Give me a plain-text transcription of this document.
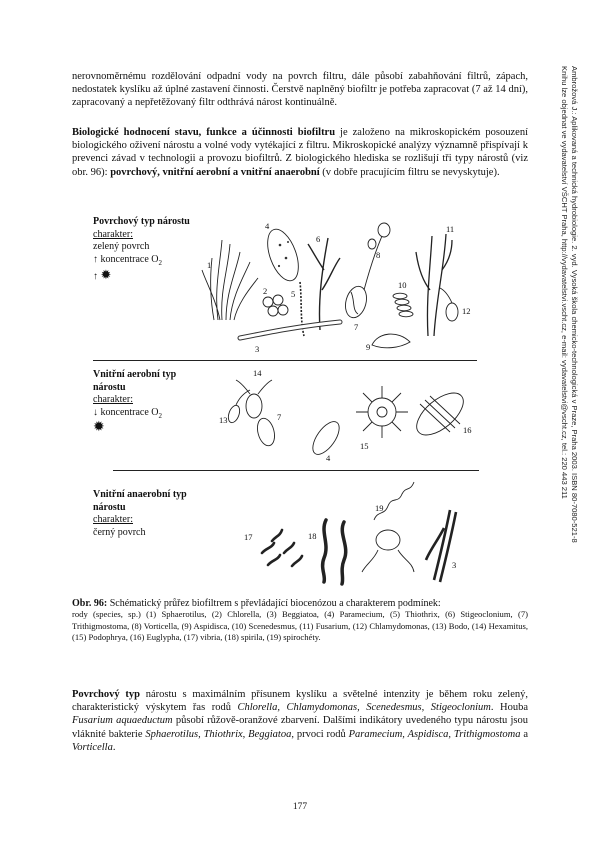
Ambrožová J.: Aplikovaná a technická hydrobiologie. 2. vyd. Vysoká škola chemicko-technologická v Praze, Praha 2003. ISBN 80-7080-521-8
Knihu lze objednat ve vydavatelství VŠCHT Praha, http://vydavatelstvi.vscht.cz, e-mail: vydavatelstvi@vscht.cz, tel.: 220 443 211
nerovnoměrnému rozdělování odpadní vody na povrch filtru, dále působí zabahňování filtrů, zápach, nedostatek kyslíku až úplné zastavení činnosti. Čerstvě naplněný biofiltr je potřeba zapracovat (7 až 14 dní), zapracovaný a nepřetěžovaný filtr odthrává nárost kontinuálně.
Biologické hodnocení stavu, funkce a účinnosti biofiltru je založeno na mikroskopickém posouzení biologického oživení nárostu a volné vody vytékající z filtru. Mikroskopické analýzy významně přispívají k prevenci závad v technologii a provozu biofiltrů. Z biologického hlediska se rozlišují tři typy nárostů (viz obr. 96): povrchový, vnitřní aerobní a vnitřní anaerobní (v dobře pracujícím filtru se nevyskytuje).
Povrchový typ nárostu
charakter:
zelený povrch
↑ koncentrace $O_2$
↑ ✹
Vnitřní aerobní typ
nárostu
charakter:
↓ koncentrace $O_2$
✹
Vnitřní anaerobní typ
nárostu
charakter:
černý povrch
1
2
3
4
5
6
7
8
9
10
11
12
13
14
7
4
15
16
17	18
19
3
Obr. 96: Schématický průřez biofiltrem s převládající biocenózou a charakterem podmínek:
rody (species, sp.) (1) Sphaerotilus, (2) Chlorella, (3) Beggiatoa, (4) Paramecium, (5) Thiothrix, (6) Stigeoclonium, (7) Trithigmostoma, (8) Vorticella, (9) Aspidisca, (10) Scenedesmus, (11) Fusarium, (12) Chlamydomonas, (13) Bodo, (14) Hexamitus, (15) Podophrya, (16) Euglypha, (17) vibria, (18) spirila, (19) spirochéty.
Povrchový typ nárostu s maximálním přísunem kyslíku a světelné intenzity je během roku zelený, charakteristický výskytem řas rodů Chlorella, Chlamydomonas, Scenedesmus, Stigeoclonium. Houba Fusarium aquaeductum působí růžově-oranžové zbarvení. Dalšími indikátory uvedeného typu nárostu jsou vláknité bakterie Sphaerotilus, Thiothrix, Beggiatoa, prvoci rodů Paramecium, Aspidisca, Trithigmostoma a Vorticella.
177
